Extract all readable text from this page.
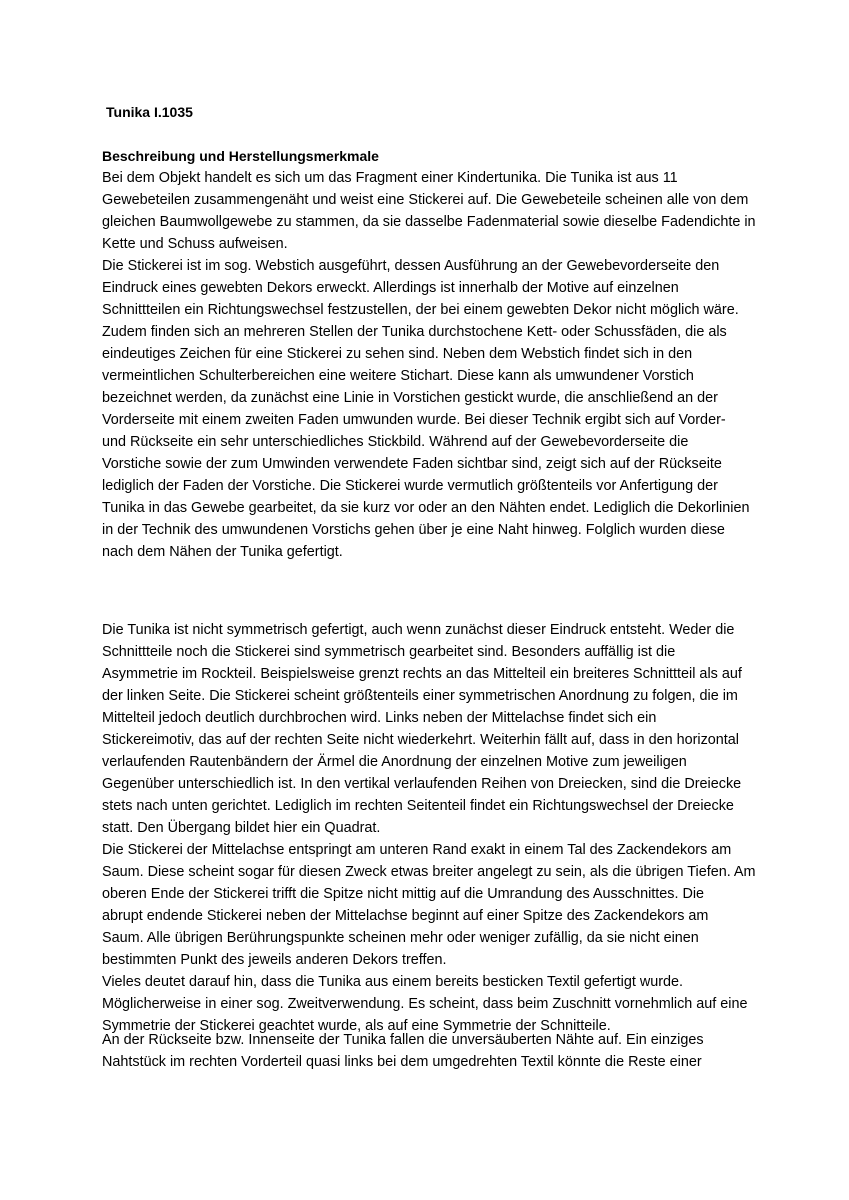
Tunika I.1035

Beschreibung und Herstellungsmerkmale
Bei dem Objekt handelt es sich um das Fragment einer Kindertunika. Die Tunika ist aus 11
Gewebeteilen zusammengenäht und weist eine Stickerei auf. Die Gewebeteile scheinen alle von dem
gleichen Baumwollgewebe zu stammen, da sie dasselbe Fadenmaterial sowie dieselbe Fadendichte in
Kette und Schuss aufweisen.
Die Stickerei ist im sog. Webstich ausgeführt, dessen Ausführung an der Gewebevorderseite den
Eindruck eines gewebten Dekors erweckt. Allerdings ist innerhalb der Motive auf einzelnen
Schnittteilen ein Richtungswechsel festzustellen, der bei einem gewebten Dekor nicht möglich wäre.
Zudem finden sich an mehreren Stellen der Tunika durchstochene Kett- oder Schussfäden, die als
eindeutiges Zeichen für eine Stickerei zu sehen sind. Neben dem Webstich findet sich in den
vermeintlichen Schulterbereichen eine weitere Stichart. Diese kann als umwundener Vorstich
bezeichnet werden, da zunächst eine Linie in Vorstichen gestickt wurde, die anschließend an der
Vorderseite mit einem zweiten Faden umwunden wurde. Bei dieser Technik ergibt sich auf Vorder-
und Rückseite ein sehr unterschiedliches Stickbild. Während auf der Gewebevorderseite die
Vorstiche sowie der zum Umwinden verwendete Faden sichtbar sind, zeigt sich auf der Rückseite
lediglich der Faden der Vorstiche. Die Stickerei wurde vermutlich größtenteils vor Anfertigung der
Tunika in das Gewebe gearbeitet, da sie kurz vor oder an den Nähten endet. Lediglich die Dekorlinien
in der Technik des umwundenen Vorstichs gehen über je eine Naht hinweg. Folglich wurden diese
nach dem Nähen der Tunika gefertigt.
Die Tunika ist nicht symmetrisch gefertigt, auch wenn zunächst dieser Eindruck entsteht. Weder die
Schnittteile noch die Stickerei sind symmetrisch gearbeitet sind. Besonders auffällig ist die
Asymmetrie im Rockteil. Beispielsweise grenzt rechts an das Mittelteil ein breiteres Schnittteil als auf
der linken Seite. Die Stickerei scheint größtenteils einer symmetrischen Anordnung zu folgen, die im
Mittelteil jedoch deutlich durchbrochen wird. Links neben der Mittelachse findet sich ein
Stickereimotiv, das auf der rechten Seite nicht wiederkehrt. Weiterhin fällt auf, dass in den horizontal
verlaufenden Rautenbändern der Ärmel die Anordnung der einzelnen Motive zum jeweiligen
Gegenüber unterschiedlich ist. In den vertikal verlaufenden Reihen von Dreiecken, sind die Dreiecke
stets nach unten gerichtet. Lediglich im rechten Seitenteil findet ein Richtungswechsel der Dreiecke
statt. Den Übergang bildet hier ein Quadrat.
Die Stickerei der Mittelachse entspringt am unteren Rand exakt in einem Tal des Zackendekors am
Saum. Diese scheint sogar für diesen Zweck etwas breiter angelegt zu sein, als die übrigen Tiefen. Am
oberen Ende der Stickerei trifft die Spitze nicht mittig auf die Umrandung des Ausschnittes. Die
abrupt endende Stickerei neben der Mittelachse beginnt auf einer Spitze des Zackendekors am
Saum. Alle übrigen Berührungspunkte scheinen mehr oder weniger zufällig, da sie nicht einen
bestimmten Punkt des jeweils anderen Dekors treffen.
Vieles deutet darauf hin, dass die Tunika aus einem bereits besticken Textil gefertigt wurde.
Möglicherweise in einer sog. Zweitverwendung. Es scheint, dass beim Zuschnitt vornehmlich auf eine
Symmetrie der Stickerei geachtet wurde, als auf eine Symmetrie der Schnitteile.
An der Rückseite bzw. Innenseite der Tunika fallen die unversäuberten Nähte auf. Ein einziges
Nahtstück im rechten Vorderteil quasi links bei dem umgedrehten Textil könnte die Reste einer
